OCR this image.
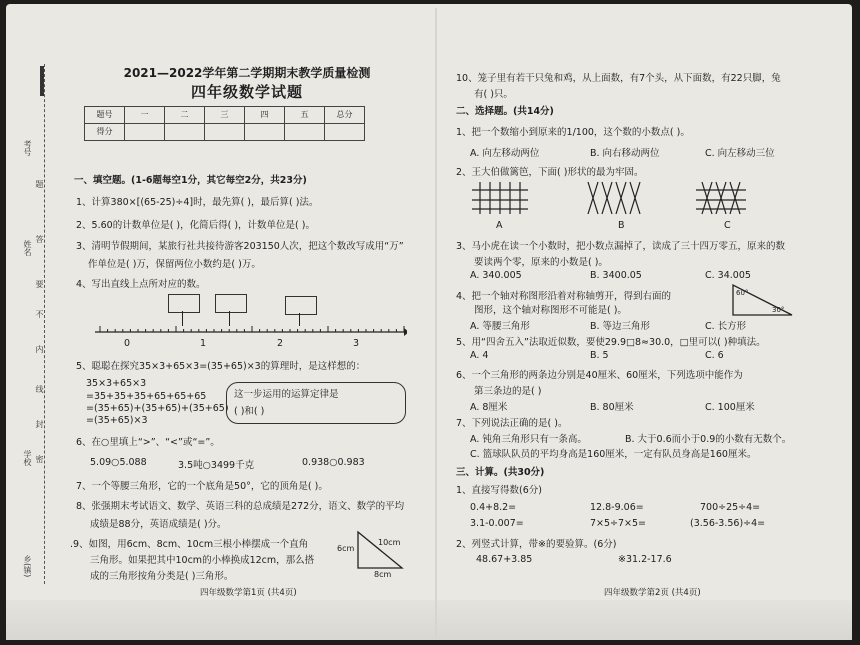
考号
姓名
学校
乡(镇)
题
答
要
不
内
线
封
密
2021—2022学年第二学期期末教学质量检测
四年级数学试题
题号	一	二	三	四	五	总分
得分						
一、填空题。(1-6题每空1分，其它每空2分，共23分)
1、计算380×[(65-25)÷4]时，最先算( )，最后算( )法。
2、5.60的计数单位是( )，化简后得( )，计数单位是( )。
3、清明节假期间，某旅行社共接待游客203150人次，把这个数改写成用“万”
作单位是( )万，保留两位小数约是( )万。
4、写出直线上点所对应的数。
0	1	2	3
5、聪聪在探究35×3+65×3=(35+65)×3的算理时，是这样想的：
35×3+65×3
=35+35+35+65+65+65
=(35+65)+(35+65)+(35+65)
=(35+65)×3
这一步运用的运算定律是
( )和( )
6、在○里填上“>”、“<”或“=”。
5.09○5.088	3.5吨○3499千克	0.938○0.983
7、一个等腰三角形，它的一个底角是50°，它的顶角是( )。
8、张强期末考试语文、数学、英语三科的总成绩是272分，语文、数学的平均
成绩是88分，英语成绩是( )分。
.9、如图，用6cm、8cm、10cm三根小棒摆成一个直角
三角形。如果把其中10cm的小棒换成12cm，那么搭
成的三角形按角分类是( )三角形。
6cm
10cm
8cm
四年级数学第1页 (共4页)
10、笼子里有若干只兔和鸡，从上面数，有7个头，从下面数，有22只脚，兔
有( )只。
二、选择题。(共14分)
1、把一个数缩小到原来的1/100，这个数的小数点( )。
A. 向左移动两位	B. 向右移动两位	C. 向左移动三位
2、王大伯做篱笆，下面( )形状的最为牢固。
A	B	C
3、马小虎在读一个小数时，把小数点漏掉了，读成了三十四万零五，原来的数
要读两个零，原来的小数是( )。
A. 340.005	B. 3400.05	C. 34.005
4、把一个轴对称图形沿着对称轴剪开，得到右面的
图形，这个轴对称图形不可能是( )。
60°
30°
A. 等腰三角形	B. 等边三角形	C. 长方形
5、用“四舍五入”法取近似数，要使29.9□8≈30.0，□里可以( )种填法。
A. 4	B. 5	C. 6
6、一个三角形的两条边分别是40厘米、60厘米，下列选项中能作为
第三条边的是( )
A. 8厘米	B. 80厘米	C. 100厘米
7、下列说法正确的是( )。
A. 钝角三角形只有一条高。	B. 大于0.6而小于0.9的小数有无数个。
C. 篮球队队员的平均身高是160厘米，一定有队员身高是160厘米。
三、计算。(共30分)
1、直接写得数(6分)
0.4+8.2=	12.8-9.06=	700÷25÷4=
3.1-0.007=	7×5÷7×5=	(3.56-3.56)÷4=
2、列竖式计算，带※的要验算。(6分)
48.67+3.85	※31.2-17.6
四年级数学第2页 (共4页)
